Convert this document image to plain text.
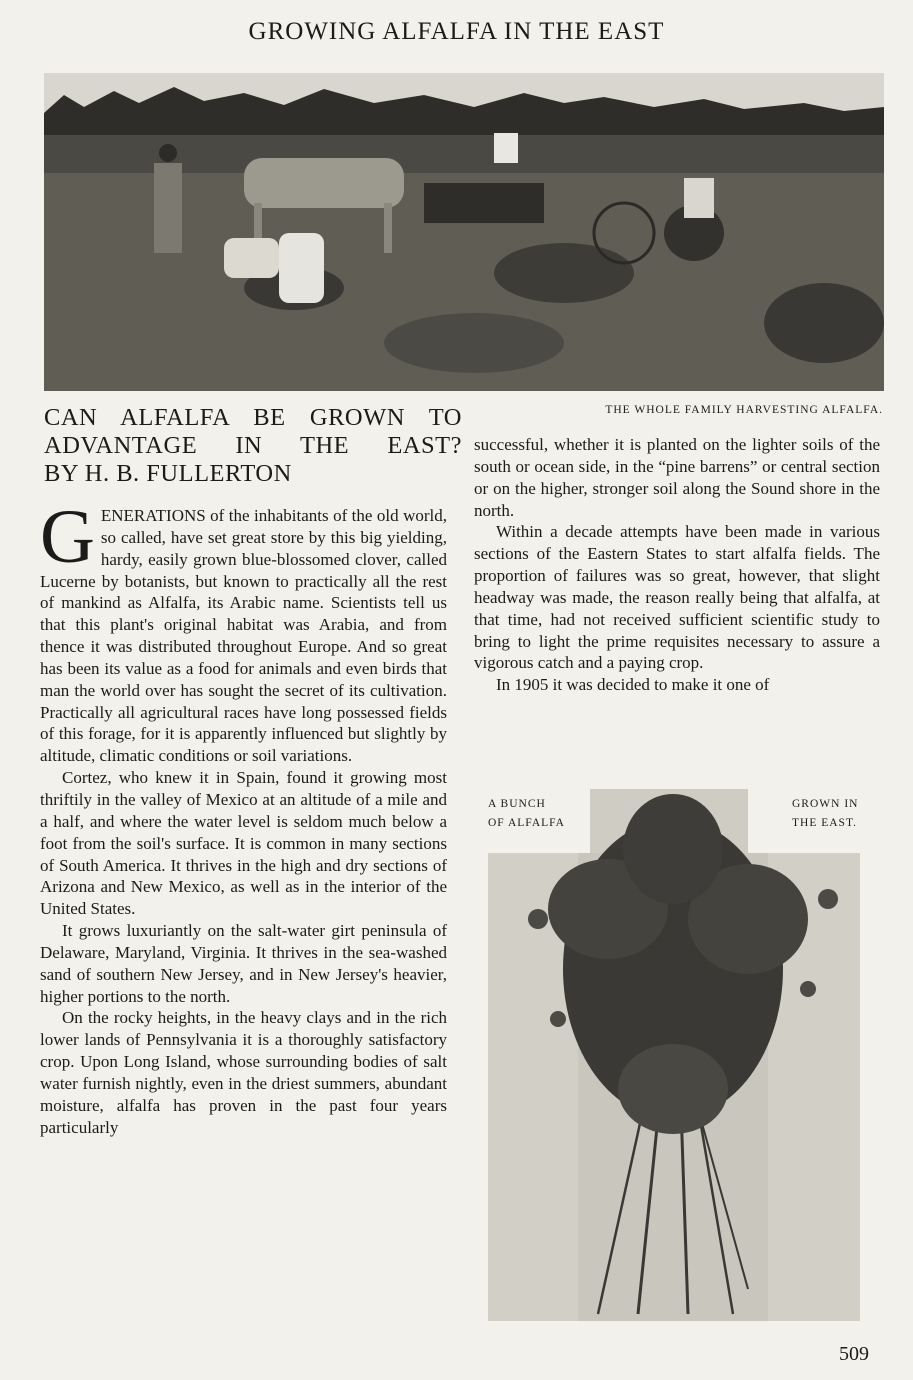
GROWING ALFALFA IN THE EAST
THE WHOLE FAMILY HARVESTING ALFALFA.
CAN ALFALFA BE GROWN TO
ADVANTAGE IN THE EAST?
BY H. B. FULLERTON

GENERATIONS of the inhabitants of the old world, so called, have set great store by this big yielding, hardy, easily grown blue-blossomed clover, called Lucerne by botanists, but known to practically all the rest of mankind as Alfalfa, its Arabic name. Scientists tell us that this plant's original habitat was Arabia, and from thence it was distributed throughout Europe. And so great has been its value as a food for animals and even birds that man the world over has sought the secret of its cultivation. Practically all agricultural races have long possessed fields of this forage, for it is apparently influenced but slightly by altitude, climatic conditions or soil variations.

Cortez, who knew it in Spain, found it growing most thriftily in the valley of Mexico at an altitude of a mile and a half, and where the water level is seldom much below a foot from the soil's surface. It is common in many sections of South America. It thrives in the high and dry sections of Arizona and New Mexico, as well as in the interior of the United States.

It grows luxuriantly on the salt-water girt peninsula of Delaware, Maryland, Virginia. It thrives in the sea-washed sand of southern New Jersey, and in New Jersey's heavier, higher portions to the north.

On the rocky heights, in the heavy clays and in the rich lower lands of Pennsylvania it is a thoroughly satisfactory crop. Upon Long Island, whose surrounding bodies of salt water furnish nightly, even in the driest summers, abundant moisture, alfalfa has proven in the past four years particularly

successful, whether it is planted on the lighter soils of the south or ocean side, in the “pine barrens” or central section or on the higher, stronger soil along the Sound shore in the north.

Within a decade attempts have been made in various sections of the Eastern States to start alfalfa fields. The proportion of failures was so great, however, that slight headway was made, the reason really being that alfalfa, at that time, had not received sufficient scientific study to bring to light the prime requisites necessary to assure a vigorous catch and a paying crop.

In 1905 it was decided to make it one of

A BUNCH
OF ALFALFA
GROWN IN
THE EAST.
509
